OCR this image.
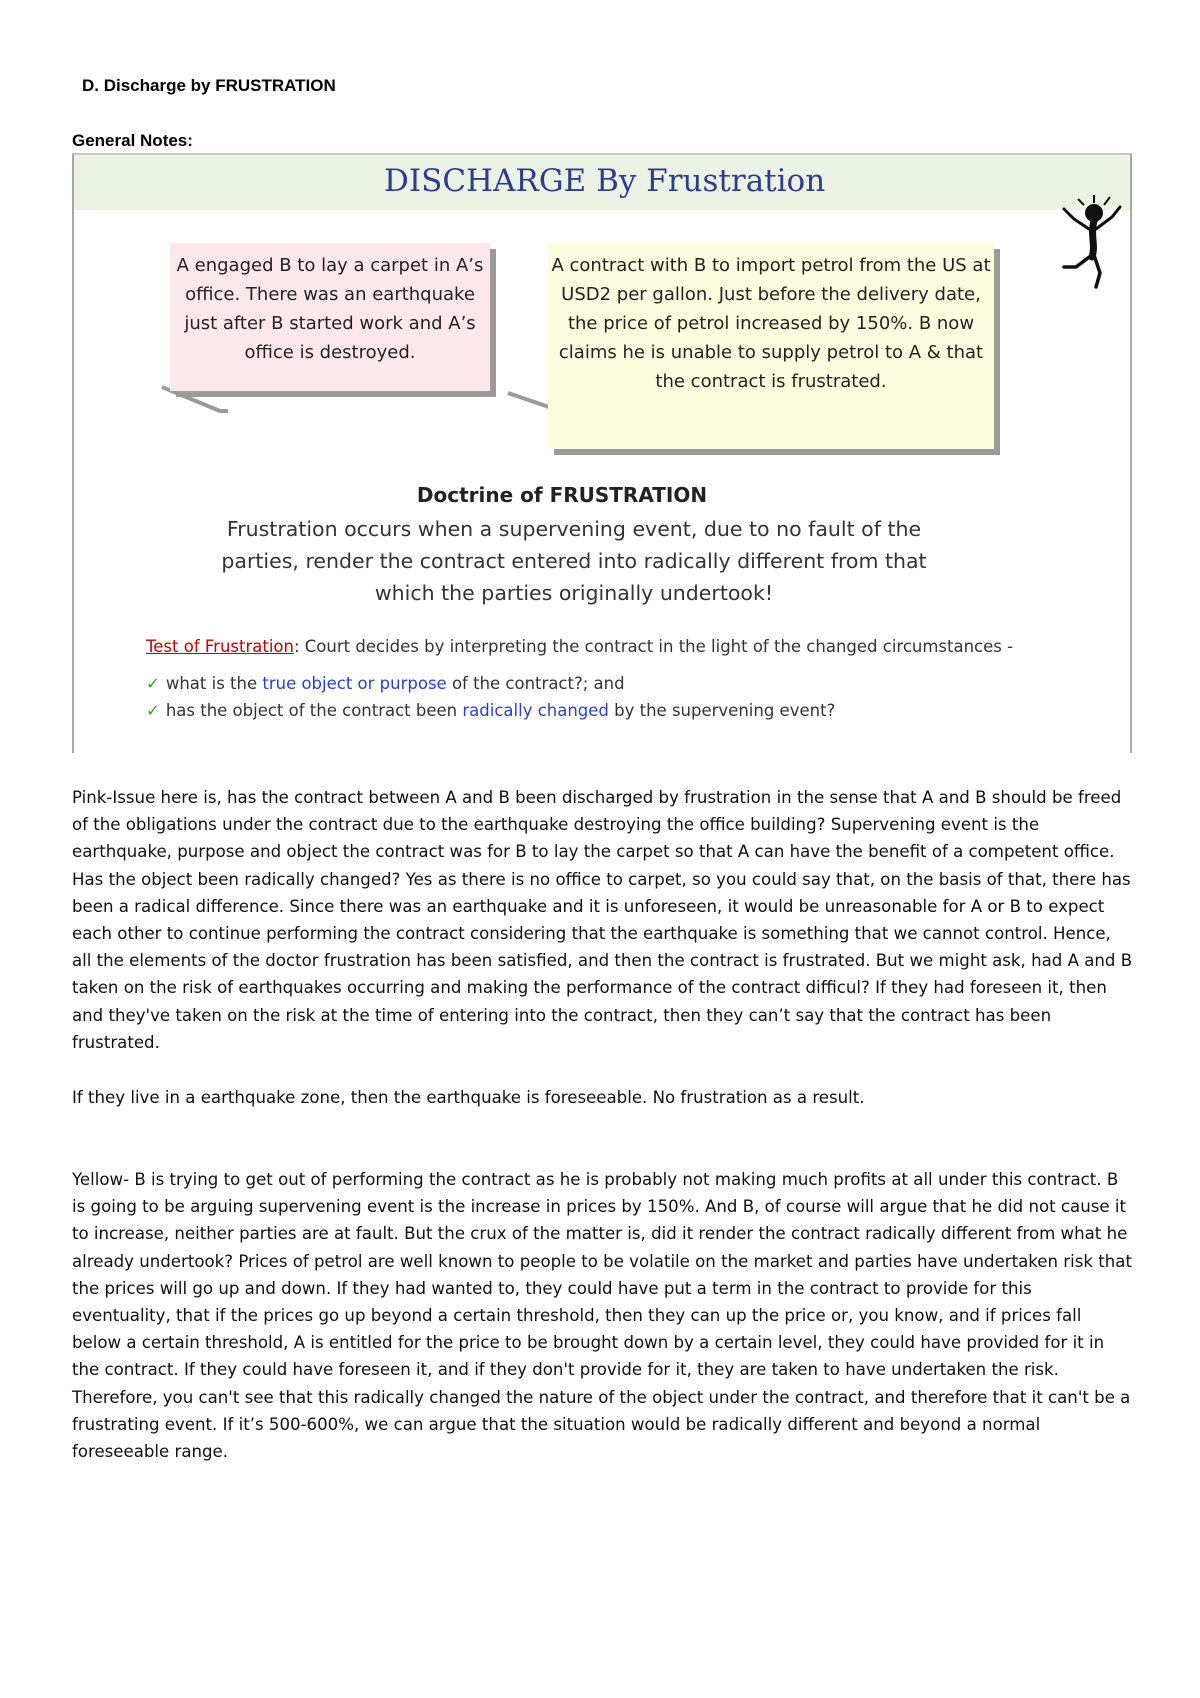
D. Discharge by FRUSTRATION
General Notes:
DISCHARGE By Frustration
A engaged B to lay a carpet in A’s office. There was an earthquake just after B started work and A’s office is destroyed.
A contract with B to import petrol from the US at USD2 per gallon. Just before the delivery date, the price of petrol increased by 150%. B now claims he is unable to supply petrol to A & that the contract is frustrated.
Doctrine of FRUSTRATION
Frustration occurs when a supervening event, due to no fault of the parties, render the contract entered into radically different from that which the parties originally undertook!
Test of Frustration: Court decides by interpreting the contract in the light of the changed circumstances -
✓ what is the true object or purpose of the contract?; and
✓ has the object of the contract been radically changed by the supervening event?

Pink-Issue here is, has the contract between A and B been discharged by frustration in the sense that A and B should be freed of the obligations under the contract due to the earthquake destroying the office building? Supervening event is the earthquake, purpose and object the contract was for B to lay the carpet so that A can have the benefit of a competent office. Has the object been radically changed? Yes as there is no office to carpet, so you could say that, on the basis of that, there has been a radical difference. Since there was an earthquake and it is unforeseen, it would be unreasonable for A or B to expect each other to continue performing the contract considering that the earthquake is something that we cannot control. Hence, all the elements of the doctor frustration has been satisfied, and then the contract is frustrated. But we might ask, had A and B taken on the risk of earthquakes occurring and making the performance of the contract difficul? If they had foreseen it, then and they've taken on the risk at the time of entering into the contract, then they can’t say that the contract has been frustrated.

If they live in a earthquake zone, then the earthquake is foreseeable. No frustration as a result.

Yellow- B is trying to get out of performing the contract as he is probably not making much profits at all under this contract. B is going to be arguing supervening event is the increase in prices by 150%. And B, of course will argue that he did not cause it to increase, neither parties are at fault. But the crux of the matter is, did it render the contract radically different from what he already undertook? Prices of petrol are well known to people to be volatile on the market and parties have undertaken risk that the prices will go up and down. If they had wanted to, they could have put a term in the contract to provide for this eventuality, that if the prices go up beyond a certain threshold, then they can up the price or, you know, and if prices fall below a certain threshold, A is entitled for the price to be brought down by a certain level, they could have provided for it in the contract. If they could have foreseen it, and if they don't provide for it, they are taken to have undertaken the risk. Therefore, you can't see that this radically changed the nature of the object under the contract, and therefore that it can't be a frustrating event. If it’s 500-600%, we can argue that the situation would be radically different and beyond a normal foreseeable range.
